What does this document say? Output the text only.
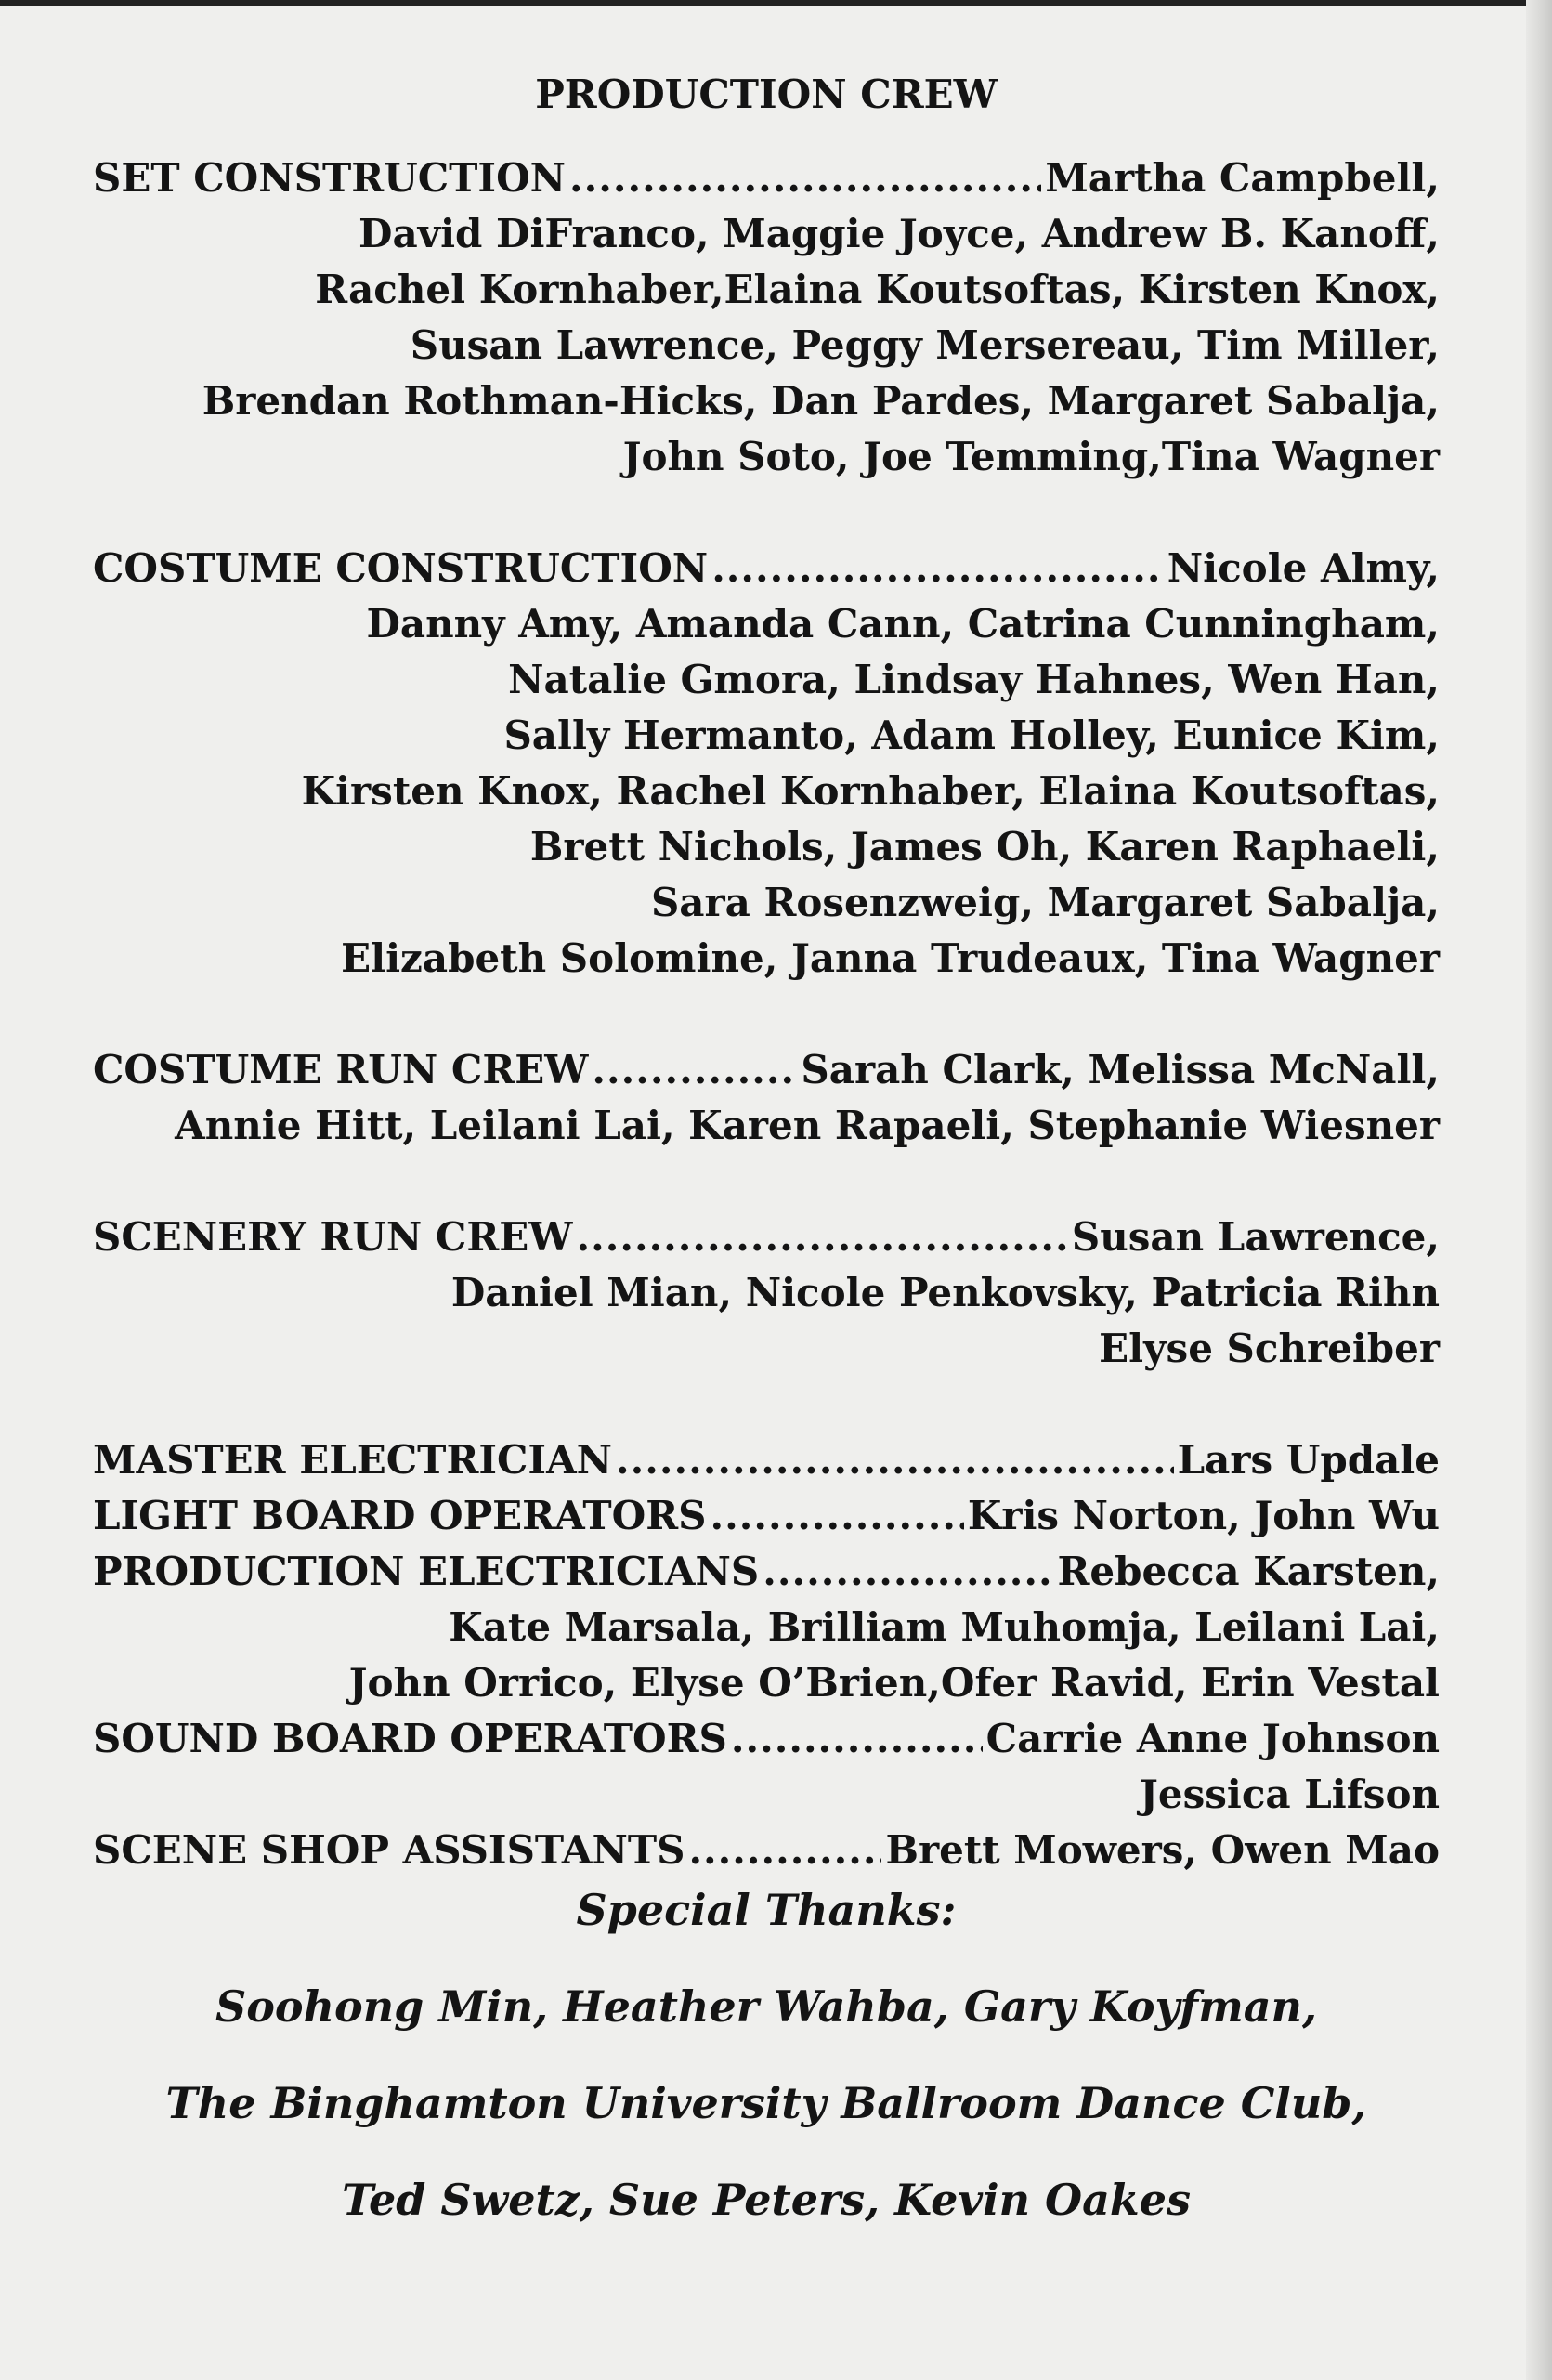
PRODUCTION CREW
SET CONSTRUCTION .....	Martha Campbell,
David DiFranco, Maggie Joyce, Andrew B. Kanoff,
Rachel Kornhaber,Elaina Koutsoftas, Kirsten Knox,
Susan Lawrence, Peggy Mersereau, Tim Miller,
Brendan Rothman-Hicks, Dan Pardes, Margaret Sabalja,
John Soto, Joe Temming,Tina Wagner
COSTUME CONSTRUCTION .....	Nicole Almy,
Danny Amy, Amanda Cann, Catrina Cunningham,
Natalie Gmora, Lindsay Hahnes, Wen Han,
Sally Hermanto, Adam Holley, Eunice Kim,
Kirsten Knox, Rachel Kornhaber, Elaina Koutsoftas,
Brett Nichols, James Oh, Karen Raphaeli,
Sara Rosenzweig, Margaret Sabalja,
Elizabeth Solomine, Janna Trudeaux, Tina Wagner
COSTUME RUN CREW .....	Sarah Clark, Melissa McNall,
Annie Hitt, Leilani Lai, Karen Rapaeli, Stephanie Wiesner
SCENERY RUN CREW .....	Susan Lawrence,
Daniel Mian, Nicole Penkovsky, Patricia Rihn
Elyse Schreiber
MASTER ELECTRICIAN .....	Lars Updale
LIGHT BOARD OPERATORS .....	Kris Norton, John Wu
PRODUCTION ELECTRICIANS .....	Rebecca Karsten,
Kate Marsala, Brilliam Muhomja, Leilani Lai,
John Orrico, Elyse O’Brien,Ofer Ravid, Erin Vestal
SOUND BOARD OPERATORS .....	Carrie Anne Johnson
Jessica Lifson
SCENE SHOP ASSISTANTS .....	Brett Mowers, Owen Mao
Special Thanks:
Soohong Min, Heather Wahba, Gary Koyfman,
The Binghamton University Ballroom Dance Club,
Ted Swetz, Sue Peters, Kevin Oakes
